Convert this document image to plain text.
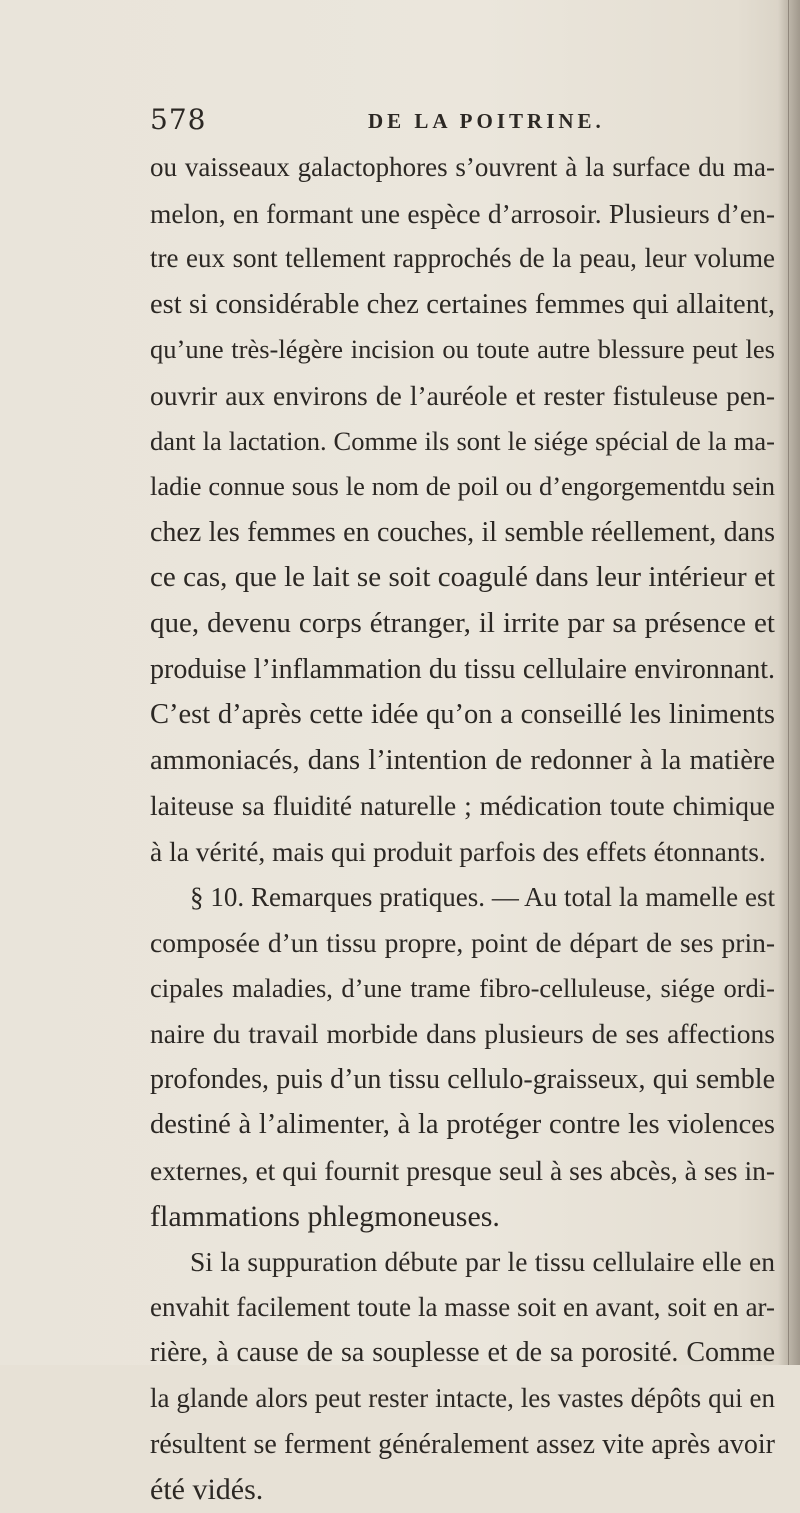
578	DE LA POITRINE.
ou vaisseaux galactophores s’ouvrent à la surface du ma-
melon, en formant une espèce d’arrosoir. Plusieurs d’en-
tre eux sont tellement rapprochés de la peau, leur volume
est si considérable chez certaines femmes qui allaitent,
qu’une très-légère incision ou toute autre blessure peut les
ouvrir aux environs de l’auréole et rester fistuleuse pen-
dant la lactation. Comme ils sont le siége spécial de la ma-
ladie connue sous le nom de poil ou d’engorgementdu sein
chez les femmes en couches, il semble réellement, dans
ce cas, que le lait se soit coagulé dans leur intérieur et
que, devenu corps étranger, il irrite par sa présence et
produise l’inflammation du tissu cellulaire environnant.
C’est d’après cette idée qu’on a conseillé les liniments
ammoniacés, dans l’intention de redonner à la matière
laiteuse sa fluidité naturelle ; médication toute chimique
à la vérité, mais qui produit parfois des effets étonnants.
§ 10. Remarques pratiques. — Au total la mamelle est
composée d’un tissu propre, point de départ de ses prin-
cipales maladies, d’une trame fibro-celluleuse, siége ordi-
naire du travail morbide dans plusieurs de ses affections
profondes, puis d’un tissu cellulo-graisseux, qui semble
destiné à l’alimenter, à la protéger contre les violences
externes, et qui fournit presque seul à ses abcès, à ses in-
flammations phlegmoneuses.
Si la suppuration débute par le tissu cellulaire elle en
envahit facilement toute la masse soit en avant, soit en ar-
rière, à cause de sa souplesse et de sa porosité. Comme
la glande alors peut rester intacte, les vastes dépôts qui en
résultent se ferment généralement assez vite après avoir
été vidés.
